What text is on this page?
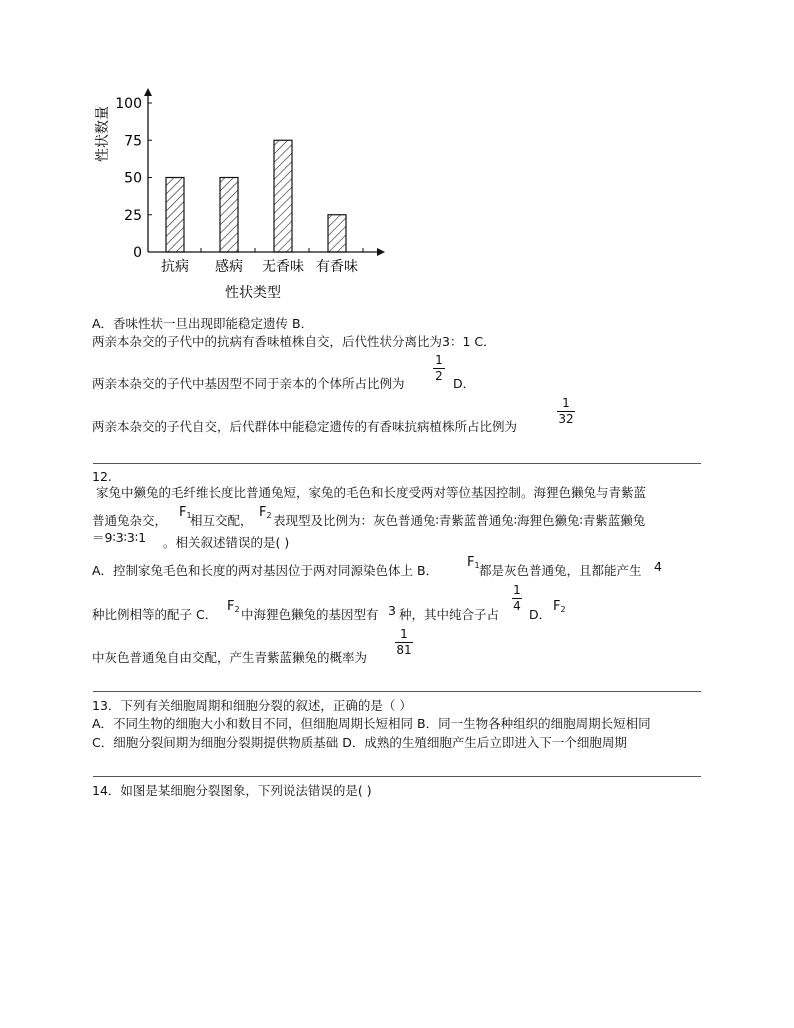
0
25
50
75
100
抗病 感病 无香味 有香味
性状数量
性状类型
A．香味性状一旦出现即能稳定遗传 B．
两亲本杂交的子代中的抗病有香味植株自交，后代性状分离比为3：1 C．
两亲本杂交的子代中基因型不同于亲本的个体所占比例为
1
2 D．
两亲本杂交的子代自交，后代群体中能稳定遗传的有香味抗病植株所占比例为
1
32
12.
家兔中獭兔的毛纤维长度比普通兔短，家兔的毛色和长度受两对等位基因控制。海狸色獭兔与青紫蓝
普通兔杂交，
$F_1$
相互交配，
$F_2$ 表现型及比例为：灰色普通兔∶青紫蓝普通兔∶海狸色獭兔∶青紫蓝獭兔
＝9∶3∶3∶1 。相关叙述错误的是( )
A．控制家兔毛色和长度的两对基因位于两对同源染色体上 B．
$F_1$ 都是灰色普通兔，且都能产生 4
种比例相等的配子 C．
$F_2$ 中海狸色獭兔的基因型有 3 种，其中纯合子占
1
4
D．
$F_2$
中灰色普通兔自由交配，产生青紫蓝獭兔的概率为
1
81
13．下列有关细胞周期和细胞分裂的叙述，正确的是（ ）
A．不同生物的细胞大小和数目不同，但细胞周期长短相同 B．同一生物各种组织的细胞周期长短相同
C．细胞分裂间期为细胞分裂期提供物质基础 D．成熟的生殖细胞产生后立即进入下一个细胞周期
14．如图是某细胞分裂图象，下列说法错误的是( )
